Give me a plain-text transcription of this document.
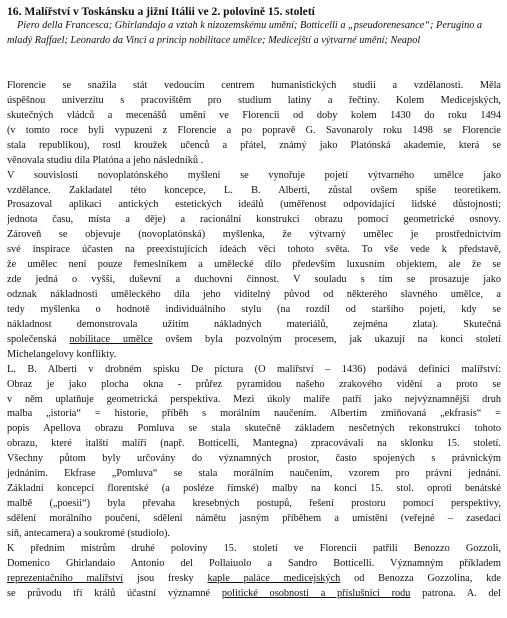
16. Malířství v Toskánsku a jižní Itálii ve 2. polovině 15. století
Piero della Francesca; Ghirlandajo a vztah k nizozemskému umění; Botticelli a „pseudorenesance“; Perugino a mladý Raffael; Leonardo da Vinci a princip nobilitace umělce; Medicejští a výtvarné umění; Neapol
Florencie se snažila stát vedoucím centrem humanistických studií a vzdělanosti. Měla
úspěšnou univerzitu s pracovištěm pro studium latiny a řečtiny. Kolem Medicejských,
skutečných vládců a mecenášů umění ve Florencii od doby kolem 1430 do roku 1494
(v tomto roce byli vypuzeni z Florencie a po popravě G. Savonaroly roku 1498 se Florencie
stala republikou), rostl kroužek učenců a přátel, známý jako Platónská akademie, která se
věnovala studiu díla Platóna a jeho následníků .
V souvislosti novoplatónského myšlení se vynořuje pojetí výtvarného umělce jako
vzdělance. Zakladatel této koncepce, L. B. Alberti, zůstal ovšem spíše teoretikem.
Prosazoval aplikaci antických estetických ideálů (uměřenost odpovídající lidské důstojnosti;
jednota času, místa a děje) a racionální konstrukci obrazu pomocí geometrické osnovy.
Zároveň se objevuje (novoplatónská) myšlenka, že výtvarný umělec je prostředníctvím
své inspirace účasten na preexistujících ideách věcí tohoto světa. To vše vede k představě,
že umělec není pouze řemeslníkem a umělecké dílo především luxusním objektem, ale že se
zde jedná o vyšší, duševní a duchovní činnost. V souladu s tím se prosazuje jako
odznak nákladnosti uměleckého díla jeho viditelný původ od některého slavného umělce, a
tedy myšlenka o hodnotě individuálního stylu (na rozdíl od staršího pojetí, kdy se
nákladnost demonstrovala užitím nákladných materiálů, zejména zlata). Skutečná
společenská nobilitace umělce ovšem byla pozvolným procesem, jak ukazují na konci století
Michelangelovy konflikty.
L. B. Alberti v drobném spisku De pictura (O malířství – 1436) podává definici malířství:
Obraz je jako plocha okna - průřez pyramidou našeho zrakového vidění a proto se
v něm uplatňuje geometrická perspektiva. Mezi úkoly malíře patří jako nejvýznamnější druh
malba „istoria“ = historie, příběh s morálním naučením. Albertim zmiňovaná „ekfrasis“ =
popis Apellova obrazu Pomluva se stala skutečně základem nesčetných rekonstrukcí tohoto
obrazu, které italští malíři (např. Botticelli, Mantegna) zpracovávali na sklonku 15. století.
Všechny půtom byly určovány do významných prostor, často spojených s právnickým
jednáním. Ekfrase „Pomluva“ se stala morálním naučením, vzorem pro právní jednání.
Základní koncepcí florentské (a posléze římské) malby na konci 15. stol. oproti benátské
malbě („poesii“) byla převaha kresebných postupů, řešení prostoru pomocí perspektivy,
sdělení morálního poučení, sdělení námětu jasným příběhem a umístění (veřejné – zasedací
síň, antecamera) a soukromé (studiolo).
K předním mistrům druhé poloviny 15. století ve Florencii patřili Benozzo Gozzoli,
Domenico Ghirlandaio Antonio del Pollaiuolo a Sandro Botticelli. Významným příkladem
reprezentačního malířství jsou fresky kaple paláce medicejských od Benozza Gozzolina, kde
se průvodu tří králů účastní významné politické osobnosti a příslušníci rodu patrona. A. del
